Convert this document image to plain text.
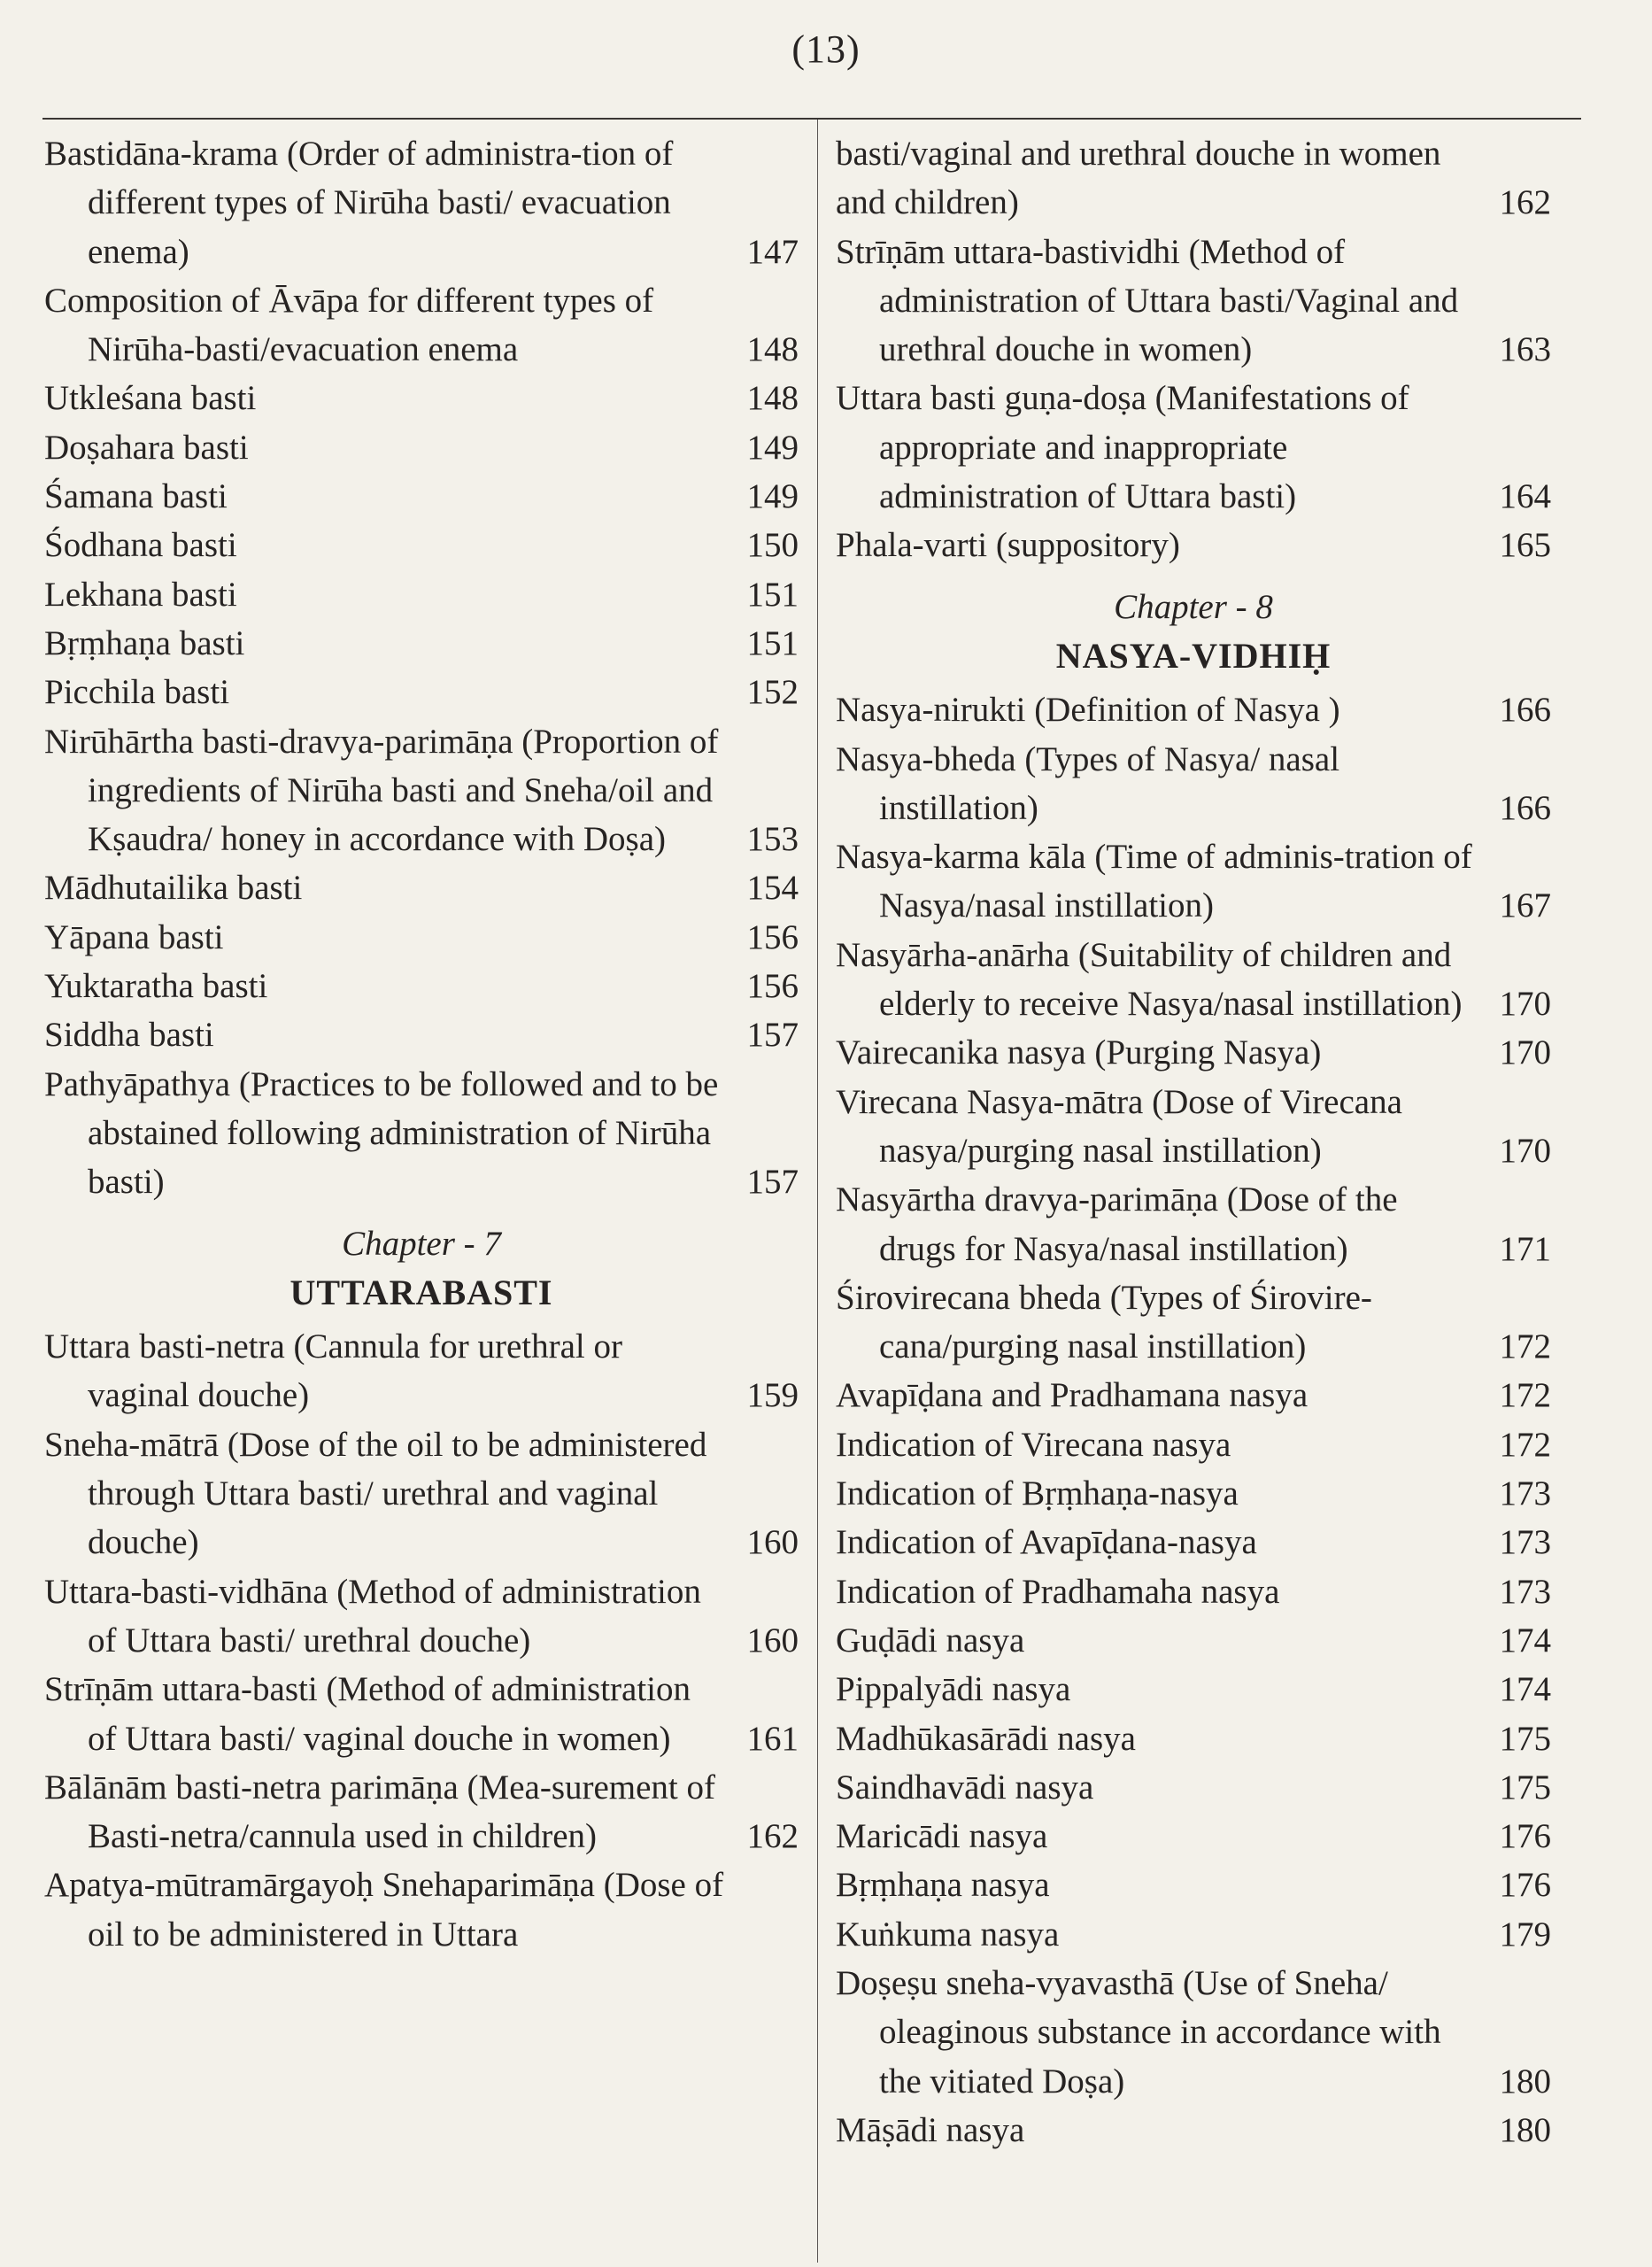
(13)
Bastidāna-krama (Order of administra-tion of different types of Nirūha basti/ evacuation enema)	147
Composition of Āvāpa for different types of Nirūha-basti/evacuation enema	148
Utkleśana basti	148
Doṣahara basti	149
Śamana basti	149
Śodhana basti	150
Lekhana basti	151
Bṛṃhaṇa basti	151
Picchila basti	152
Nirūhārtha basti-dravya-parimāṇa (Proportion of ingredients of Nirūha basti and Sneha/oil and Kṣaudra/ honey in accordance with Doṣa)	153
Mādhutailika basti	154
Yāpana basti	156
Yuktaratha basti	156
Siddha basti	157
Pathyāpathya (Practices to be followed and to be abstained following administration of Nirūha basti)	157
Chapter - 7
UTTARABASTI
Uttara basti-netra (Cannula for urethral or vaginal douche)	159
Sneha-mātrā (Dose of the oil to be administered through Uttara basti/ urethral and vaginal douche)	160
Uttara-basti-vidhāna (Method of administration of Uttara basti/ urethral douche)	160
Strīṇām uttara-basti (Method of administration of Uttara basti/ vaginal douche in women)	161
Bālānām basti-netra parimāṇa (Mea-surement of Basti-netra/cannula used in children)	162
Apatya-mūtramārgayoḥ Snehaparimāṇa (Dose of oil to be administered in Uttara
basti/vaginal and urethral douche in women and children)	162
Strīṇām uttara-bastividhi (Method of administration of Uttara basti/Vaginal and urethral douche in women)	163
Uttara basti guṇa-doṣa (Manifestations of appropriate and inappropriate administration of Uttara basti)	164
Phala-varti (suppository)	165
Chapter - 8
NASYA-VIDHIḤ
Nasya-nirukti (Definition of Nasya )	166
Nasya-bheda (Types of Nasya/ nasal instillation)	166
Nasya-karma kāla (Time of adminis-tration of Nasya/nasal instillation)	167
Nasyārha-anārha (Suitability of children and elderly to receive Nasya/nasal instillation)	170
Vairecanika nasya (Purging Nasya)	170
Virecana Nasya-mātra (Dose of Virecana nasya/purging nasal instillation)	170
Nasyārtha dravya-parimāṇa (Dose of the drugs for Nasya/nasal instillation)	171
Śirovirecana bheda (Types of Śirovire-cana/purging nasal instillation)	172
Avapīḍana and Pradhamana nasya	172
Indication of Virecana nasya	172
Indication of Bṛṃhaṇa-nasya	173
Indication of Avapīḍana-nasya	173
Indication of Pradhamaha nasya	173
Guḍādi nasya	174
Pippalyādi nasya	174
Madhūkasārādi nasya	175
Saindhavādi nasya	175
Maricādi nasya	176
Bṛṃhaṇa nasya	176
Kuṅkuma nasya	179
Doṣeṣu sneha-vyavasthā (Use of Sneha/ oleaginous substance in accordance with the vitiated Doṣa)	180
Māṣādi nasya	180
